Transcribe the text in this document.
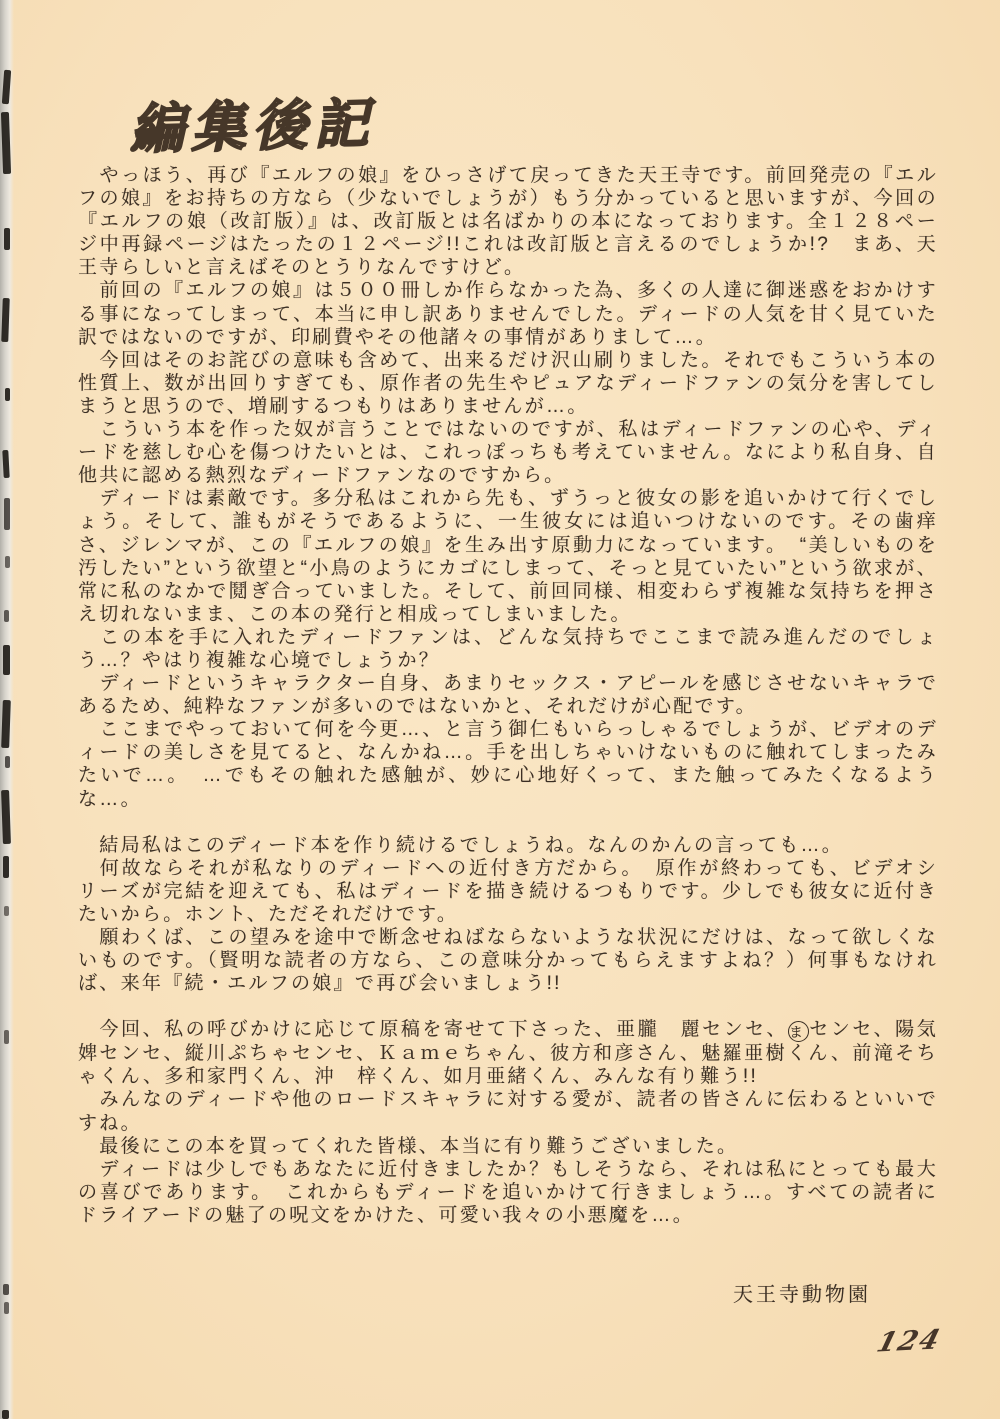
編集後記

　やっほう、再び『エルフの娘』をひっさげて戻ってきた天王寺です。前回発売の『エルフの娘』をお持ちの方なら（少ないでしょうが）もう分かっていると思いますが、今回の『エルフの娘（改訂版）』は、改訂版とは名ばかりの本になっております。全１２８ページ中再録ページはたったの１２ページ!!これは改訂版と言えるのでしょうか!?　まあ、天王寺らしいと言えばそのとうりなんですけど。

　前回の『エルフの娘』は５００冊しか作らなかった為、多くの人達に御迷惑をおかけする事になってしまって、本当に申し訳ありませんでした。ディードの人気を甘く見ていた訳ではないのですが、印刷費やその他諸々の事情がありまして…。

　今回はそのお詫びの意味も含めて、出来るだけ沢山刷りました。それでもこういう本の性質上、数が出回りすぎても、原作者の先生やピュアなディードファンの気分を害してしまうと思うので、増刷するつもりはありませんが…。

　こういう本を作った奴が言うことではないのですが、私はディードファンの心や、ディードを慈しむ心を傷つけたいとは、これっぽっちも考えていません。なにより私自身、自他共に認める熱烈なディードファンなのですから。

　ディードは素敵です。多分私はこれから先も、ずうっと彼女の影を追いかけて行くでしょう。そして、誰もがそうであるように、一生彼女には追いつけないのです。その歯痒さ、ジレンマが、この『エルフの娘』を生み出す原動力になっています。　“美しいものを汚したい”という欲望と“小鳥のようにカゴにしまって、そっと見ていたい”という欲求が、常に私のなかで鬩ぎ合っていました。そして、前回同様、相変わらず複雑な気持ちを押さえ切れないまま、この本の発行と相成ってしまいました。

　この本を手に入れたディードファンは、どんな気持ちでここまで読み進んだのでしょう…？やはり複雑な心境でしょうか？

　ディードというキャラクター自身、あまりセックス・アピールを感じさせないキャラであるため、純粋なファンが多いのではないかと、それだけが心配です。

　ここまでやっておいて何を今更…、と言う御仁もいらっしゃるでしょうが、ビデオのディードの美しさを見てると、なんかね…。手を出しちゃいけないものに触れてしまったみたいで…。　…でもその触れた感触が、妙に心地好くって、また触ってみたくなるような…。

　結局私はこのディード本を作り続けるでしょうね。なんのかんの言っても…。

　何故ならそれが私なりのディードへの近付き方だから。　原作が終わっても、ビデオシリーズが完結を迎えても、私はディードを描き続けるつもりです。少しでも彼女に近付きたいから。ホント、ただそれだけです。

　願わくば、この望みを途中で断念せねばならないような状況にだけは、なって欲しくないものです。（賢明な読者の方なら、この意味分かってもらえますよね？）何事もなければ、来年『続・エルフの娘』で再び会いましょう!!

　今回、私の呼びかけに応じて原稿を寄せて下さった、亜朧　麗センセ、ま センセ、陽気婢センセ、縦川ぷちゃセンセ、Ｋａｍｅちゃん、彼方和彦さん、魅羅亜樹くん、前滝そちゃくん、多和家門くん、沖　梓くん、如月亜緒くん、みんな有り難う!!

　みんなのディードや他のロードスキャラに対する愛が、読者の皆さんに伝わるといいですね。

　最後にこの本を買ってくれた皆様、本当に有り難うございました。

　ディードは少しでもあなたに近付きましたか？もしそうなら、それは私にとっても最大の喜びであります。　これからもディードを追いかけて行きましょう…。すべての読者にドライアードの魅了の呪文をかけた、可愛い我々の小悪魔を…。

天王寺動物園
124
